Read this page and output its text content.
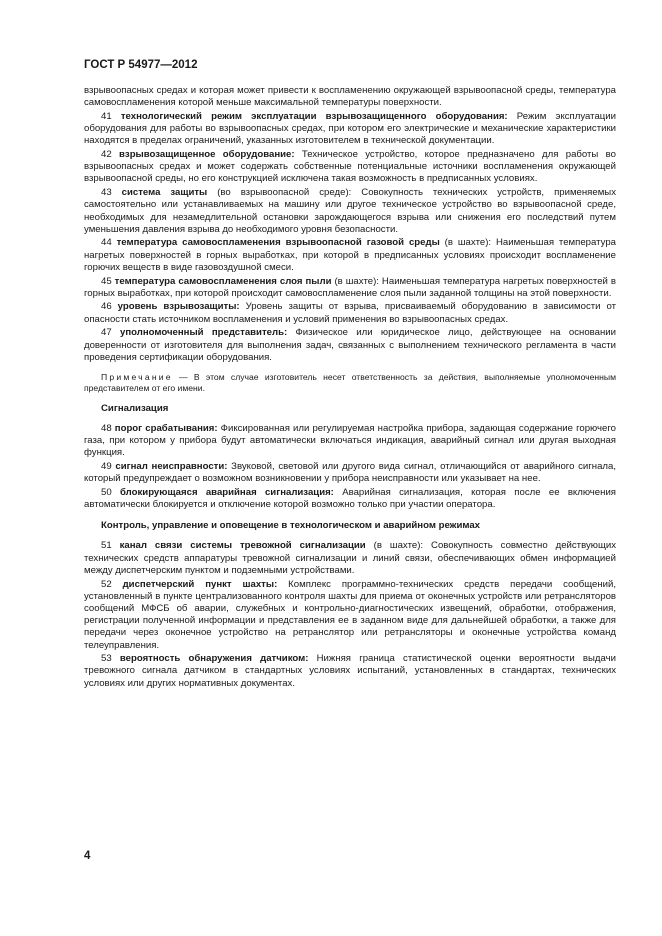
ГОСТ Р 54977—2012

взрывоопасных средах и которая может привести к воспламенению окружающей взрывоопасной среды, температура самовоспламенения которой меньше максимальной температуры поверхности.

41 технологический режим эксплуатации взрывозащищенного оборудования: Режим эксплуатации оборудования для работы во взрывоопасных средах, при котором его электрические и механические характеристики находятся в пределах ограничений, указанных изготовителем в технической документации.

42 взрывозащищенное оборудование: Техническое устройство, которое предназначено для работы во взрывоопасных средах и может содержать собственные потенциальные источники воспламенения окружающей взрывоопасной среды, но его конструкцией исключена такая возможность в предписанных условиях.

43 система защиты (во взрывоопасной среде): Совокупность технических устройств, применяемых самостоятельно или устанавливаемых на машину или другое техническое устройство во взрывоопасной среде, необходимых для незамедлительной остановки зарождающегося взрыва или снижения его последствий путем уменьшения давления взрыва до необходимого уровня безопасности.

44 температура самовоспламенения взрывоопасной газовой среды (в шахте): Наименьшая температура нагретых поверхностей в горных выработках, при которой в предписанных условиях происходит воспламенение горючих веществ в виде газовоздушной смеси.

45 температура самовоспламенения слоя пыли (в шахте): Наименьшая температура нагретых поверхностей в горных выработках, при которой происходит самовоспламенение слоя пыли заданной толщины на этой поверхности.

46 уровень взрывозащиты: Уровень защиты от взрыва, присваиваемый оборудованию в зависимости от опасности стать источником воспламенения и условий применения во взрывоопасных средах.

47 уполномоченный представитель: Физическое или юридическое лицо, действующее на основании доверенности от изготовителя для выполнения задач, связанных с выполнением технического регламента в части проведения сертификации оборудования.

Примечание — В этом случае изготовитель несет ответственность за действия, выполняемые уполномоченным представителем от его имени.

Сигнализация

48 порог срабатывания: Фиксированная или регулируемая настройка прибора, задающая содержание горючего газа, при котором у прибора будут автоматически включаться индикация, аварийный сигнал или другая выходная функция.

49 сигнал неисправности: Звуковой, световой или другого вида сигнал, отличающийся от аварийного сигнала, который предупреждает о возможном возникновении у прибора неисправности или указывает на нее.

50 блокирующаяся аварийная сигнализация: Аварийная сигнализация, которая после ее включения автоматически блокируется и отключение которой возможно только при участии оператора.

Контроль, управление и оповещение в технологическом и аварийном режимах

51 канал связи системы тревожной сигнализации (в шахте): Совокупность совместно действующих технических средств аппаратуры тревожной сигнализации и линий связи, обеспечивающих обмен информацией между диспетчерским пунктом и подземными устройствами.

52 диспетчерский пункт шахты: Комплекс программно-технических средств передачи сообщений, установленный в пункте централизованного контроля шахты для приема от оконечных устройств или ретрансляторов сообщений МФСБ об аварии, служебных и контрольно-диагностических извещений, обработки, отображения, регистрации полученной информации и представления ее в заданном виде для дальнейшей обработки, а также для передачи через оконечное устройство на ретранслятор или ретрансляторы и оконечные устройства команд телеуправления.

53 вероятность обнаружения датчиком: Нижняя граница статистической оценки вероятности выдачи тревожного сигнала датчиком в стандартных условиях испытаний, установленных в стандартах, технических условиях или других нормативных документах.

4
